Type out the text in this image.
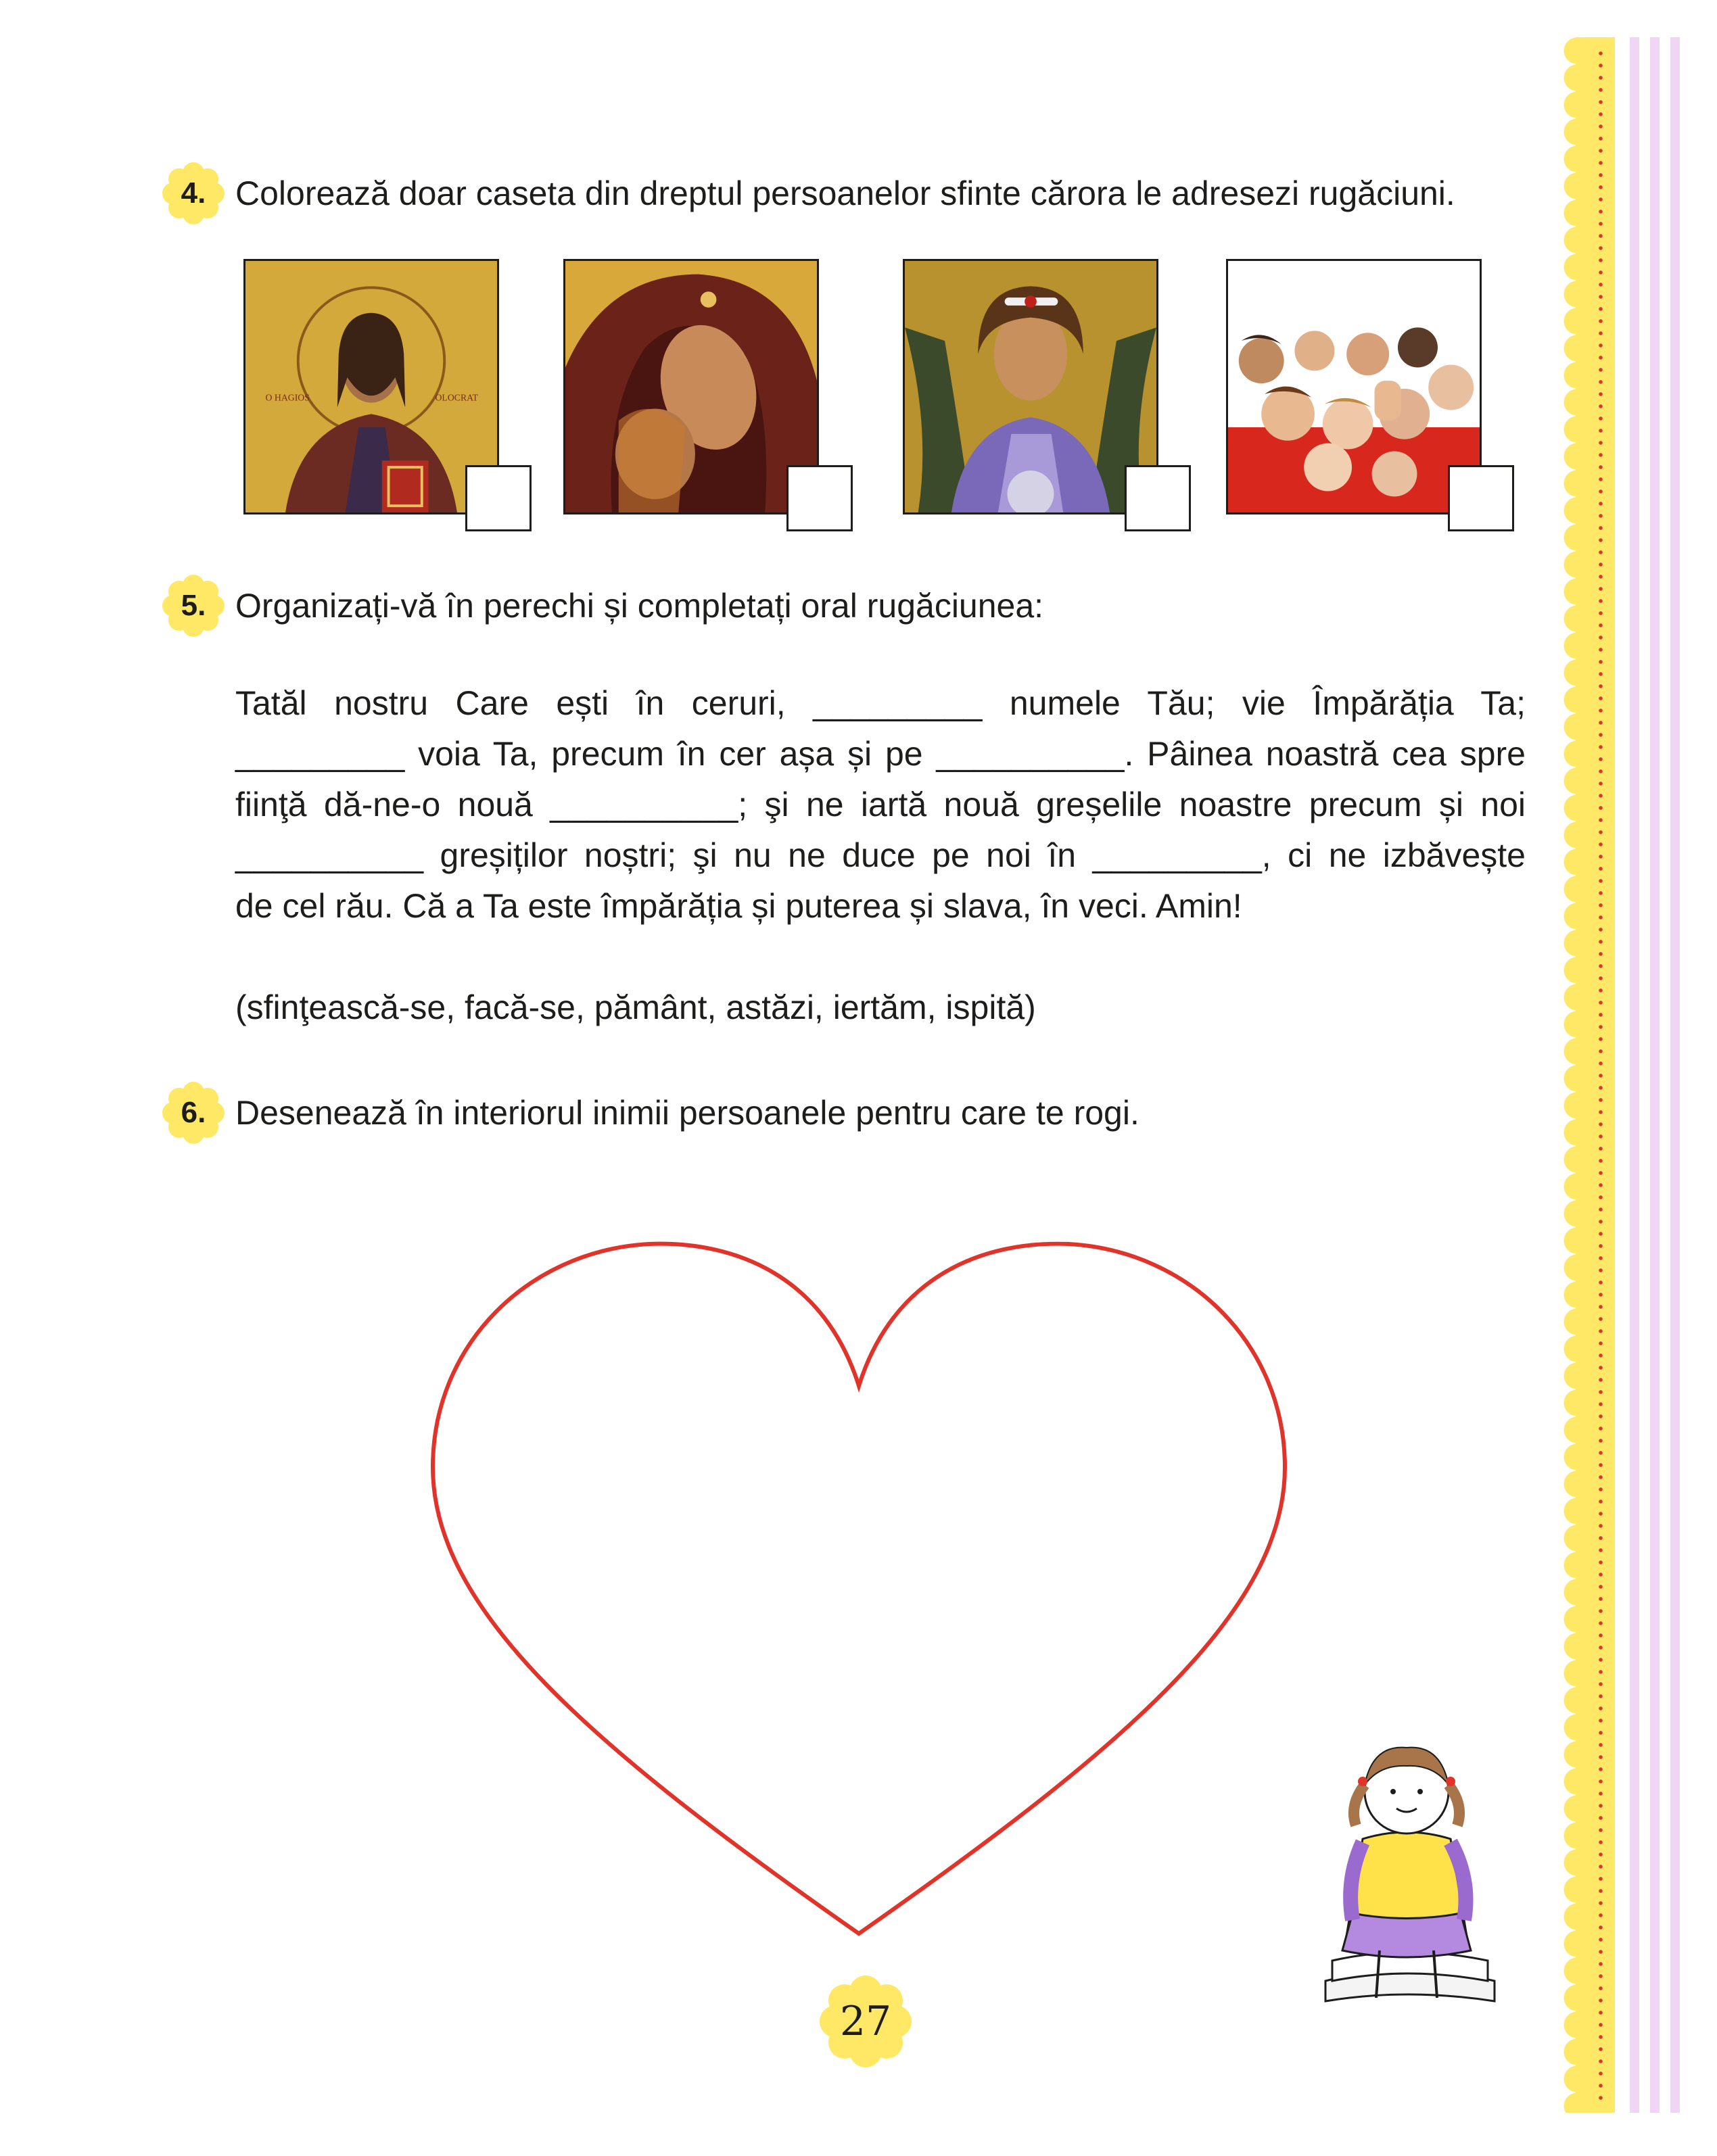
4. Colorează doar caseta din dreptul persoanelor sfinte cărora le adresezi rugăciuni.
O HAGIOS	OLOCRAT
5. Organizați-vă în perechi și completați oral rugăciunea:
Tatăl nostru Care ești în ceruri, _________ numele Tău; vie Împărăția Ta;
_________ voia Ta, precum în cer așa și pe __________. Pâinea noastră cea spre
fiinţă dă-ne-o nouă __________; şi ne iartă nouă greșelile noastre precum și noi
__________ greșiților noștri; şi nu ne duce pe noi în _________, ci ne izbăvește
de cel rău. Că a Ta este împărăția și puterea și slava, în veci. Amin!
(sfinţească-se, facă-se, pământ, astăzi, iertăm, ispită)
6. Desenează în interiorul inimii persoanele pentru care te rogi.
27
